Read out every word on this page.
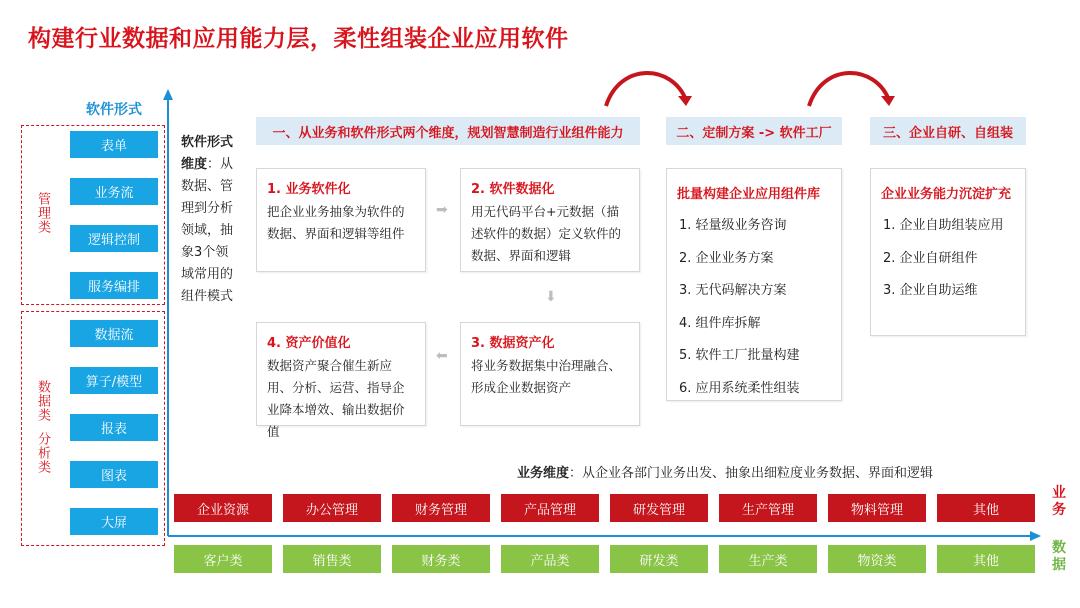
构建行业数据和应用能力层，柔性组装企业应用软件
软件形式
管理类
数据类
分析类
表单
业务流
逻辑控制
服务编排
数据流
算子/模型
报表
图表
大屏
软件形式维度：从数据、管理到分析领域，抽象3个领域常用的组件模式
一、从业务和软件形式两个维度，规划智慧制造行业组件能力	二、定制方案 -> 软件工厂	三、企业自研、自组装
1. 业务软件化
把企业业务抽象为软件的数据、界面和逻辑等组件
2. 软件数据化
用无代码平台+元数据（描述软件的数据）定义软件的数据、界面和逻辑
3. 数据资产化
将业务数据集中治理融合、形成企业数据资产
4. 资产价值化
数据资产聚合催生新应用、分析、运营、指导企业降本增效、输出数据价值
➡
⬇
⬅
批量构建企业应用组件库
1. 轻量级业务咨询
2. 企业业务方案
3. 无代码解决方案
4. 组件库拆解
5. 软件工厂批量构建
6. 应用系统柔性组装
企业业务能力沉淀扩充
1. 企业自助组装应用
2. 企业自研组件
3. 企业自助运维
业务维度：从企业各部门业务出发、抽象出细粒度业务数据、界面和逻辑
企业资源	办公管理	财务管理	产品管理	研发管理	生产管理	物料管理	其他
客户类	销售类	财务类	产品类	研发类	生产类	物资类	其他
业务
数据
